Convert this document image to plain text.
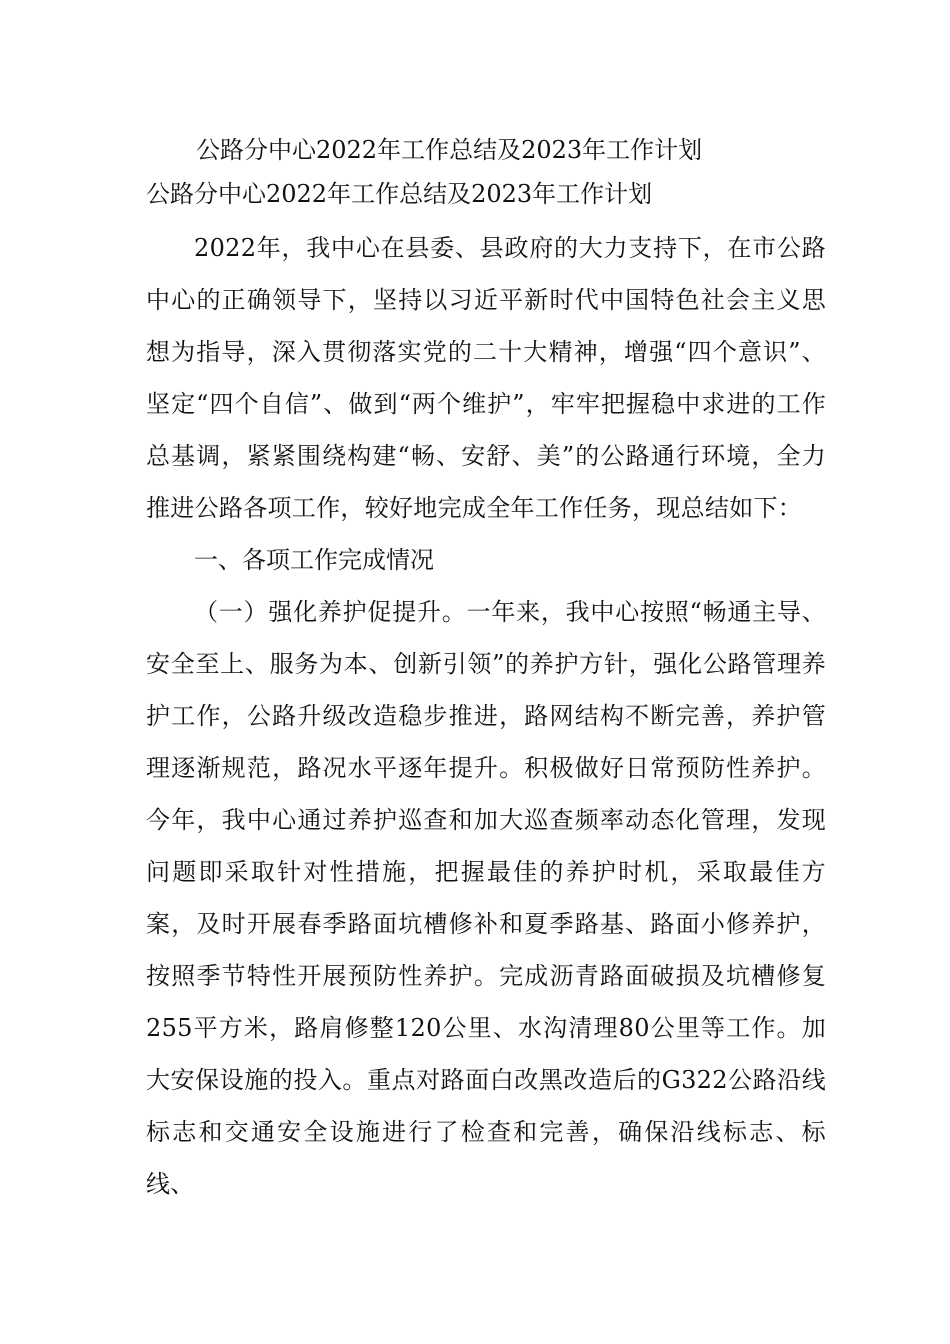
公路分中心2022年工作总结及2023年工作计划
公路分中心2022年工作总结及2023年工作计划

2022年，我中心在县委、县政府的大力支持下，在市公路中心的正确领导下，坚持以习近平新时代中国特色社会主义思想为指导，深入贯彻落实党的二十大精神，增强“四个意识”、坚定“四个自信”、做到“两个维护”，牢牢把握稳中求进的工作总基调，紧紧围绕构建“畅、安舒、美”的公路通行环境，全力推进公路各项工作，较好地完成全年工作任务，现总结如下：

一、各项工作完成情况

（一）强化养护促提升。一年来，我中心按照“畅通主导、安全至上、服务为本、创新引领”的养护方针，强化公路管理养护工作，公路升级改造稳步推进，路网结构不断完善，养护管理逐渐规范，路况水平逐年提升。积极做好日常预防性养护。今年，我中心通过养护巡查和加大巡查频率动态化管理，发现问题即采取针对性措施，把握最佳的养护时机，采取最佳方案，及时开展春季路面坑槽修补和夏季路基、路面小修养护，按照季节特性开展预防性养护。完成沥青路面破损及坑槽修复255平方米，路肩修整120公里、水沟清理80公里等工作。加大安保设施的投入。重点对路面白改黑改造后的G322公路沿线标志和交通安全设施进行了检查和完善，确保沿线标志、标线、
